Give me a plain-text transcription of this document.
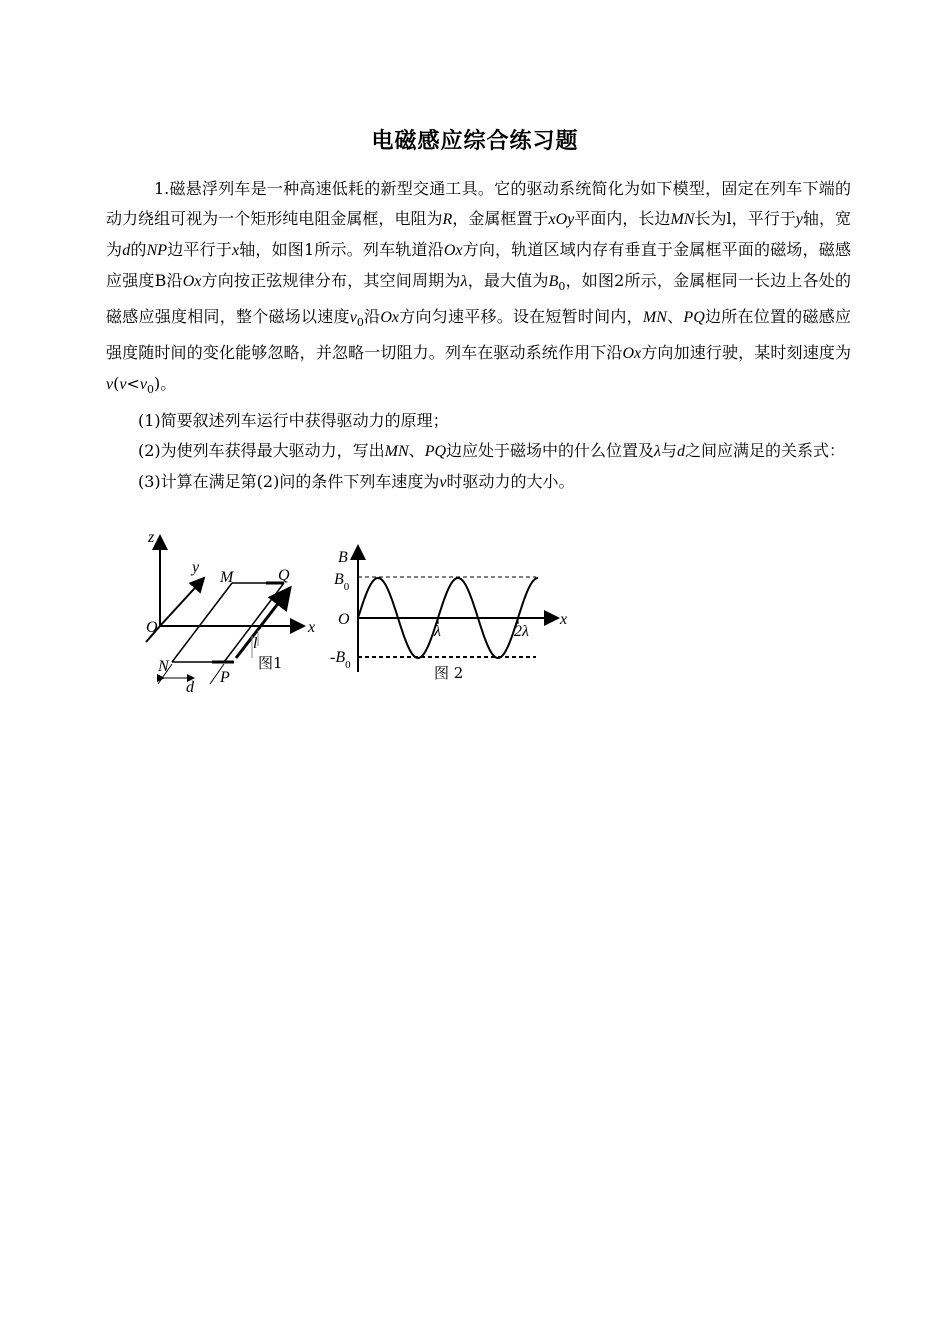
电磁感应综合练习题

1.磁悬浮列车是一种高速低耗的新型交通工具。它的驱动系统简化为如下模型，固定在列车下端的动力绕组可视为一个矩形纯电阻金属框，电阻为R，金属框置于xOy平面内，长边MN长为l，平行于y轴，宽为d的NP边平行于x轴，如图1所示。列车轨道沿Ox方向，轨道区域内存有垂直于金属框平面的磁场，磁感应强度B沿Ox方向按正弦规律分布，其空间周期为λ，最大值为$B_0$，如图2所示，金属框同一长边上各处的磁感应强度相同，整个磁场以速度$v_0$沿Ox方向匀速平移。设在短暂时间内，MN、PQ边所在位置的磁感应强度随时间的变化能够忽略，并忽略一切阻力。列车在驱动系统作用下沿Ox方向加速行驶，某时刻速度为$v(v<v_0)$。

(1)简要叙述列车运行中获得驱动力的原理；

(2)为使列车获得最大驱动力，写出MN、PQ边应处于磁场中的什么位置及λ与d之间应满足的关系式：

(3)计算在满足第(2)问的条件下列车速度为v时驱动力的大小。

z
y
x
O
M	Q
N
P
l
d
图1
B
$B_0$
O	x
λ	2λ
$-B_0$	图 2
